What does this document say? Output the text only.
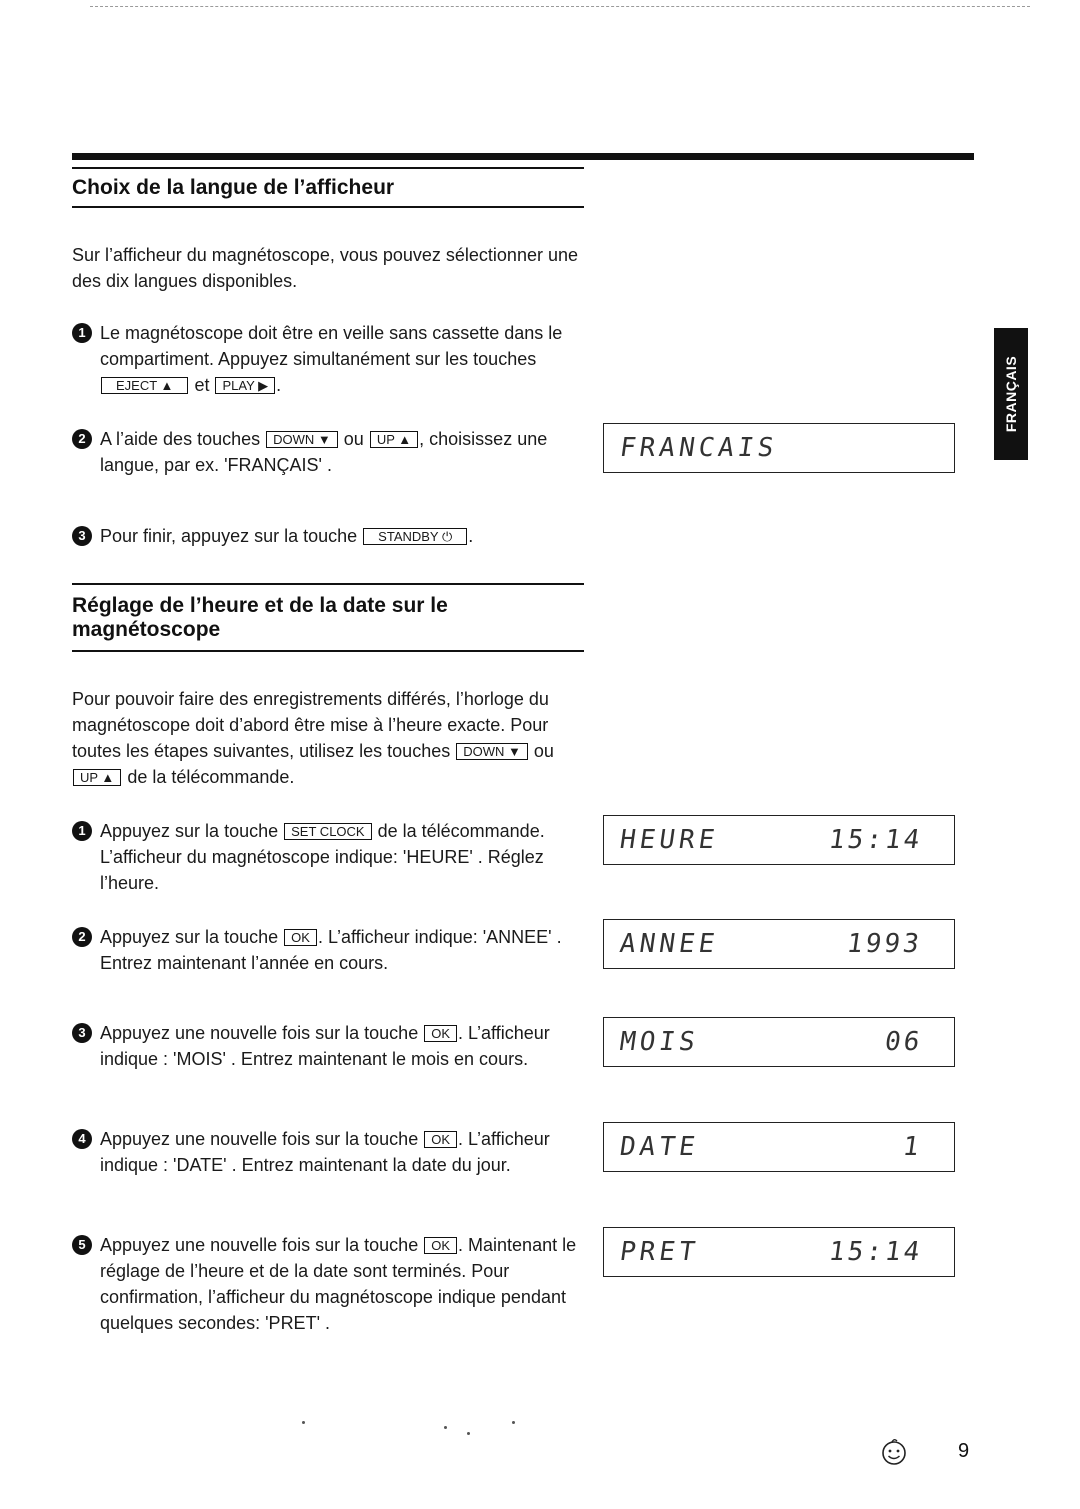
Choix de la langue de l’afficheur

Sur l’afficheur du magnétoscope, vous pouvez sélectionner une des dix langues disponibles.

1 Le magnétoscope doit être en veille sans cassette dans le compartiment. Appuyez simultanément sur les touches EJECT ▲ et PLAY ▶ .
2 A l’aide des touches DOWN ▼ ou UP ▲ , choisissez une langue, par ex. 'FRANÇAIS' .
FRANCAIS
3 Pour finir, appuyez sur la touche STANDBY ⏻ .
Réglage de l’heure et de la date sur le magnétoscope

Pour pouvoir faire des enregistrements différés, l’horloge du magnétoscope doit d’abord être mise à l’heure exacte. Pour toutes les étapes suivantes, utilisez les touches DOWN ▼ ou UP ▲ de la télécommande.

1 Appuyez sur la touche SET CLOCK de la télécommande. L’afficheur du magnétoscope indique: 'HEURE' . Réglez l’heure.
2 Appuyez sur la touche OK . L’afficheur indique: 'ANNEE' . Entrez maintenant l’année en cours.
3 Appuyez une nouvelle fois sur la touche OK . L’afficheur indique : 'MOIS' . Entrez maintenant le mois en cours.
4 Appuyez une nouvelle fois sur la touche OK . L’afficheur indique : 'DATE' . Entrez maintenant la date du jour.
5 Appuyez une nouvelle fois sur la touche OK . Maintenant le réglage de l’heure et de la date sont terminés. Pour confirmation, l’afficheur du magnétoscope indique pendant quelques secondes: 'PRET' .
HEURE	15:14
ANNEE	1993
MOIS	06
DATE	1
PRET	15:14
FRANÇAIS
9
